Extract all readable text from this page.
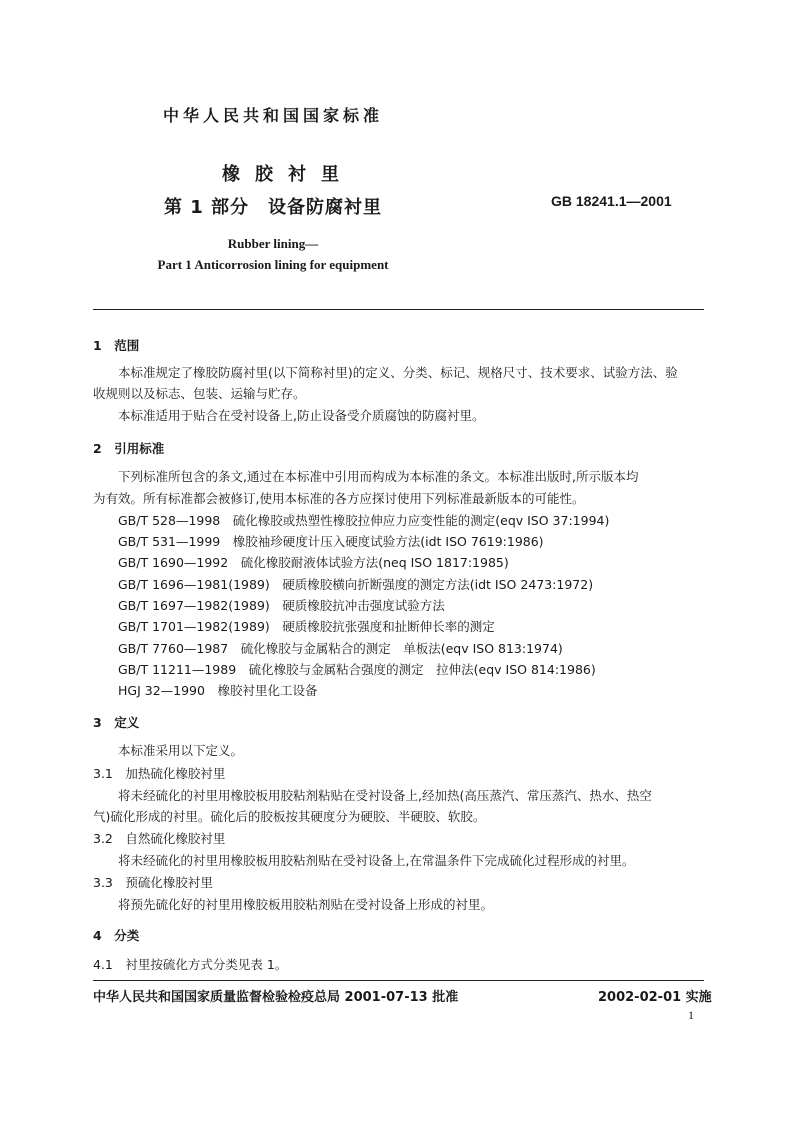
中华人民共和国国家标准
橡胶衬里
第 1 部分　设备防腐衬里	GB 18241.1—2001
Rubber lining—
Part 1 Anticorrosion lining for equipment
1　范围
本标准规定了橡胶防腐衬里(以下简称衬里)的定义、分类、标记、规格尺寸、技术要求、试验方法、验
收规则以及标志、包装、运输与贮存。
本标准适用于贴合在受衬设备上,防止设备受介质腐蚀的防腐衬里。
2　引用标准
下列标准所包含的条文,通过在本标准中引用而构成为本标准的条文。本标准出版时,所示版本均
为有效。所有标准都会被修订,使用本标准的各方应探讨使用下列标准最新版本的可能性。
GB/T 528—1998　硫化橡胶或热塑性橡胶拉伸应力应变性能的测定(eqv ISO 37:1994)
GB/T 531—1999　橡胶袖珍硬度计压入硬度试验方法(idt ISO 7619:1986)
GB/T 1690—1992　硫化橡胶耐液体试验方法(neq ISO 1817:1985)
GB/T 1696—1981(1989)　硬质橡胶横向折断强度的测定方法(idt ISO 2473:1972)
GB/T 1697—1982(1989)　硬质橡胶抗冲击强度试验方法
GB/T 1701—1982(1989)　硬质橡胶抗张强度和扯断伸长率的测定
GB/T 7760—1987　硫化橡胶与金属粘合的测定　单板法(eqv ISO 813:1974)
GB/T 11211—1989　硫化橡胶与金属粘合强度的测定　拉伸法(eqv ISO 814:1986)
HGJ 32—1990　橡胶衬里化工设备
3　定义
本标准采用以下定义。
3.1　加热硫化橡胶衬里
将未经硫化的衬里用橡胶板用胶粘剂粘贴在受衬设备上,经加热(高压蒸汽、常压蒸汽、热水、热空
气)硫化形成的衬里。硫化后的胶板按其硬度分为硬胶、半硬胶、软胶。
3.2　自然硫化橡胶衬里
将未经硫化的衬里用橡胶板用胶粘剂贴在受衬设备上,在常温条件下完成硫化过程形成的衬里。
3.3　预硫化橡胶衬里
将预先硫化好的衬里用橡胶板用胶粘剂贴在受衬设备上形成的衬里。
4　分类
4.1　衬里按硫化方式分类见表 1。
中华人民共和国国家质量监督检验检疫总局 2001-07-13 批准	2002-02-01 实施
1
